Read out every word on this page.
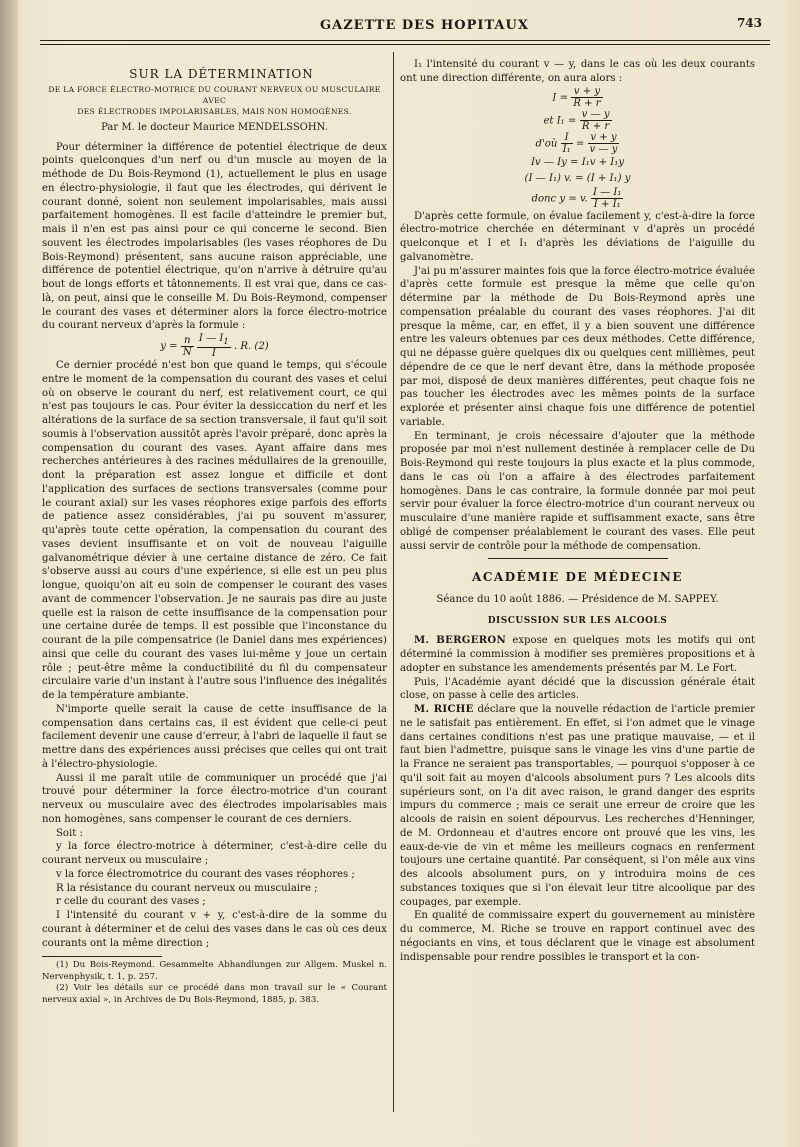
GAZETTE DES HOPITAUX	743

SUR LA DÉTERMINATION

DE LA FORCE ÉLECTRO-MOTRICE DU COURANT NERVEUX OU MUSCULAIRE AVEC

DES ÉLECTRODES IMPOLARISABLES, MAIS NON HOMOGÈNES.

Par M. le docteur Maurice MENDELSSOHN.

Pour déterminer la différence de potentiel électrique de deux points quelconques d'un nerf ou d'un muscle au moyen de la méthode de Du Bois-Reymond (1), actuellement le plus en usage en électro-physiologie, il faut que les électrodes, qui dérivent le courant donné, soient non seulement impolarisables, mais aussi parfaitement homogènes. Il est facile d'atteindre le premier but, mais il n'en est pas ainsi pour ce qui concerne le second. Bien souvent les électrodes impolarisables (les vases réophores de Du Bois-Reymond) présentent, sans aucune raison appréciable, une différence de potentiel électrique, qu'on n'arrive à détruire qu'au bout de longs efforts et tâtonnements. Il est vrai que, dans ce cas-là, on peut, ainsi que le conseille M. Du Bois-Reymond, compenser le courant des vases et déterminer alors la force électro-motrice du courant nerveux d'après la formule :

$y = \frac{n}{N}$
$\frac{I — I_1}{I}$ . R. (2)

Ce dernier procédé n'est bon que quand le temps, qui s'écoule entre le moment de la compensation du courant des vases et celui où on observe le courant du nerf, est relativement court, ce qui n'est pas toujours le cas. Pour éviter la dessiccation du nerf et les altérations de la surface de sa section transversale, il faut qu'il soit soumis à l'observation aussitôt après l'avoir préparé, donc après la compensation du courant des vases. Ayant affaire dans mes recherches antérieures à des racines médullaires de la grenouille, dont la préparation est assez longue et difficile et dont l'application des surfaces de sections transversales (comme pour le courant axial) sur les vases réophores exige parfois des efforts de patience assez considérables, j'ai pu souvent m'assurer, qu'après toute cette opération, la compensation du courant des vases devient insuffisante et on voit de nouveau l'aiguille galvanométrique dévier à une certaine distance de zéro. Ce fait s'observe aussi au cours d'une expérience, si elle est un peu plus longue, quoiqu'on ait eu soin de compenser le courant des vases avant de commencer l'observation. Je ne saurais pas dire au juste quelle est la raison de cette insuffisance de la compensation pour une certaine durée de temps. Il est possible que l'inconstance du courant de la pile compensatrice (le Daniel dans mes expériences) ainsi que celle du courant des vases lui-même y joue un certain rôle ; peut-être même la conductibilité du fil du compensateur circulaire varie d'un instant à l'autre sous l'influence des inégalités de la température ambiante.

N'importe quelle serait la cause de cette insuffisance de la compensation dans certains cas, il est évident que celle-ci peut facilement devenir une cause d'erreur, à l'abri de laquelle il faut se mettre dans des expériences aussi précises que celles qui ont trait à l'électro-physiologie.

Aussi il me paraît utile de communiquer un procédé que j'ai trouvé pour déterminer la force électro-motrice d'un courant nerveux ou musculaire avec des électrodes impolarisables mais non homogènes, sans compenser le courant de ces derniers.

Soit :

y la force électro-motrice à déterminer, c'est-à-dire celle du courant nerveux ou musculaire ;

v la force électromotrice du courant des vases réophores ;

R la résistance du courant nerveux ou musculaire ;

r celle du courant des vases ;

I l'intensité du courant v + y, c'est-à-dire de la somme du courant à déterminer et de celui des vases dans le cas où ces deux courants ont la même direction ;

(1) Du Bois-Reymond. Gesammelte Abhandlungen zur Allgem. Muskel n. Nervenphysik, t. 1, p. 257.

(2) Voir les détails sur ce procédé dans mon travail sur le « Courant nerveux axial », in Archives de Du Bois-Reymond, 1885, p. 383.

I₁ l'intensité du courant v — y, dans le cas où les deux courants ont une direction différente, on aura alors :

$I = \frac{v + y}{R + r}$

et $I_1 = \frac{v — y}{R + r}$

d'où $\frac{I}{\text{I₁}} = \frac{v + y}{v — y}$

Iv — Iy = I₁v + I₁y

(I — I₁) v. = (I + I₁) y

donc y = v. $\frac{\text{I — I₁}}{\text{I + I₁}}$

D'après cette formule, on évalue facilement y, c'est-à-dire la force électro-motrice cherchée en déterminant v d'après un procédé quelconque et I et I₁ d'après les déviations de l'aiguille du galvanomètre.

J'ai pu m'assurer maintes fois que la force électro-motrice évaluée d'après cette formule est presque la même que celle qu'on détermine par la méthode de Du Bois-Reymond après une compensation préalable du courant des vases réophores. J'ai dit presque la même, car, en effet, il y a bien souvent une différence entre les valeurs obtenues par ces deux méthodes. Cette différence, qui ne dépasse guère quelques dix ou quelques cent millièmes, peut dépendre de ce que le nerf devant être, dans la méthode proposée par moi, disposé de deux manières différentes, peut chaque fois ne pas toucher les électrodes avec les mêmes points de la surface explorée et présenter ainsi chaque fois une différence de potentiel variable.

En terminant, je crois nécessaire d'ajouter que la méthode proposée par moi n'est nullement destinée à remplacer celle de Du Bois-Reymond qui reste toujours la plus exacte et la plus commode, dans le cas où l'on a affaire à des électrodes parfaitement homogènes. Dans le cas contraire, la formule donnée par moi peut servir pour évaluer la force électro-motrice d'un courant nerveux ou musculaire d'une manière rapide et suffisamment exacte, sans être obligé de compenser préalablement le courant des vases. Elle peut aussi servir de contrôle pour la méthode de compensation.

ACADÉMIE DE MÉDECINE

Séance du 10 août 1886. — Présidence de M. SAPPEY.

DISCUSSION SUR LES ALCOOLS

M. BERGERON expose en quelques mots les motifs qui ont déterminé la commission à modifier ses premières propositions et à adopter en substance les amendements présentés par M. Le Fort.

Puis, l'Académie ayant décidé que la discussion générale était close, on passe à celle des articles.

M. RICHE déclare que la nouvelle rédaction de l'article premier ne le satisfait pas entièrement. En effet, si l'on admet que le vinage dans certaines conditions n'est pas une pratique mauvaise, — et il faut bien l'admettre, puisque sans le vinage les vins d'une partie de la France ne seraient pas transportables, — pourquoi s'opposer à ce qu'il soit fait au moyen d'alcools absolument purs ? Les alcools dits supérieurs sont, on l'a dit avec raison, le grand danger des esprits impurs du commerce ; mais ce serait une erreur de croire que les alcools de raisin en soient dépourvus. Les recherches d'Henninger, de M. Ordonneau et d'autres encore ont prouvé que les vins, les eaux-de-vie de vin et même les meilleurs cognacs en renferment toujours une certaine quantité. Par conséquent, si l'on mêle aux vins des alcools absolument purs, on y introduira moins de ces substances toxiques que si l'on élevait leur titre alcoolique par des coupages, par exemple.

En qualité de commissaire expert du gouvernement au ministère du commerce, M. Riche se trouve en rapport continuel avec des négociants en vins, et tous déclarent que le vinage est absolument indispensable pour rendre possibles le transport et la con-
